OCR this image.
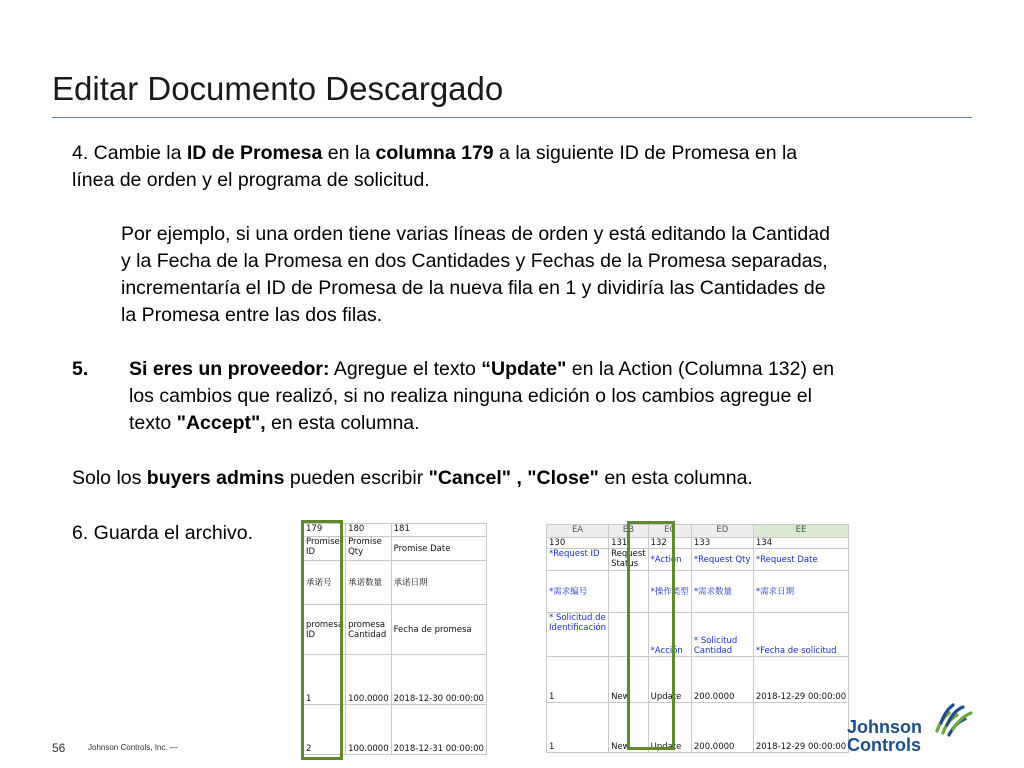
Editar Documento Descargado
4. Cambie la ID de Promesa en la columna 179 a la siguiente ID de Promesa en la
línea de orden y el programa de solicitud.
Por ejemplo, si una orden tiene varias líneas de orden y está editando la Cantidad
y la Fecha de la Promesa en dos Cantidades y Fechas de la Promesa separadas,
incrementaría el ID de Promesa de la nueva fila en 1 y dividiría las Cantidades de
la Promesa entre las dos filas.
5. Si eres un proveedor: Agregue el texto “Update" en la Action (Columna 132) en
los cambios que realizó, si no realiza ninguna edición o los cambios agregue el
texto "Accept", en esta columna.
Solo los buyers admins pueden escribir "Cancel" , "Close" en esta columna.
6. Guarda el archivo.	179	180	181
Promise ID	Promise Qty	Promise Date
承诺号	承诺数量	承诺日期
promesa ID	promesa Cantidad	Fecha de promesa
1	100.0000	2018-12-30 00:00:00
2	100.0000	2018-12-31 00:00:00
EA	EB	EC	ED	EE
130	131	132	133	134
*Request ID	Request Status	*Action	*Request Qty	*Request Date
*需求编号		*操作类型	*需求数量	*需求日期
* Solicitud de Identificación		*Acción	* Solicitud Cantidad	*Fecha de solicitud
1	New	Update	200.0000	2018-12-29 00:00:00
1	New	Update	200.0000	2018-12-29 00:00:00
56	Johnson Controls, Inc. —
Johnson
Controls
